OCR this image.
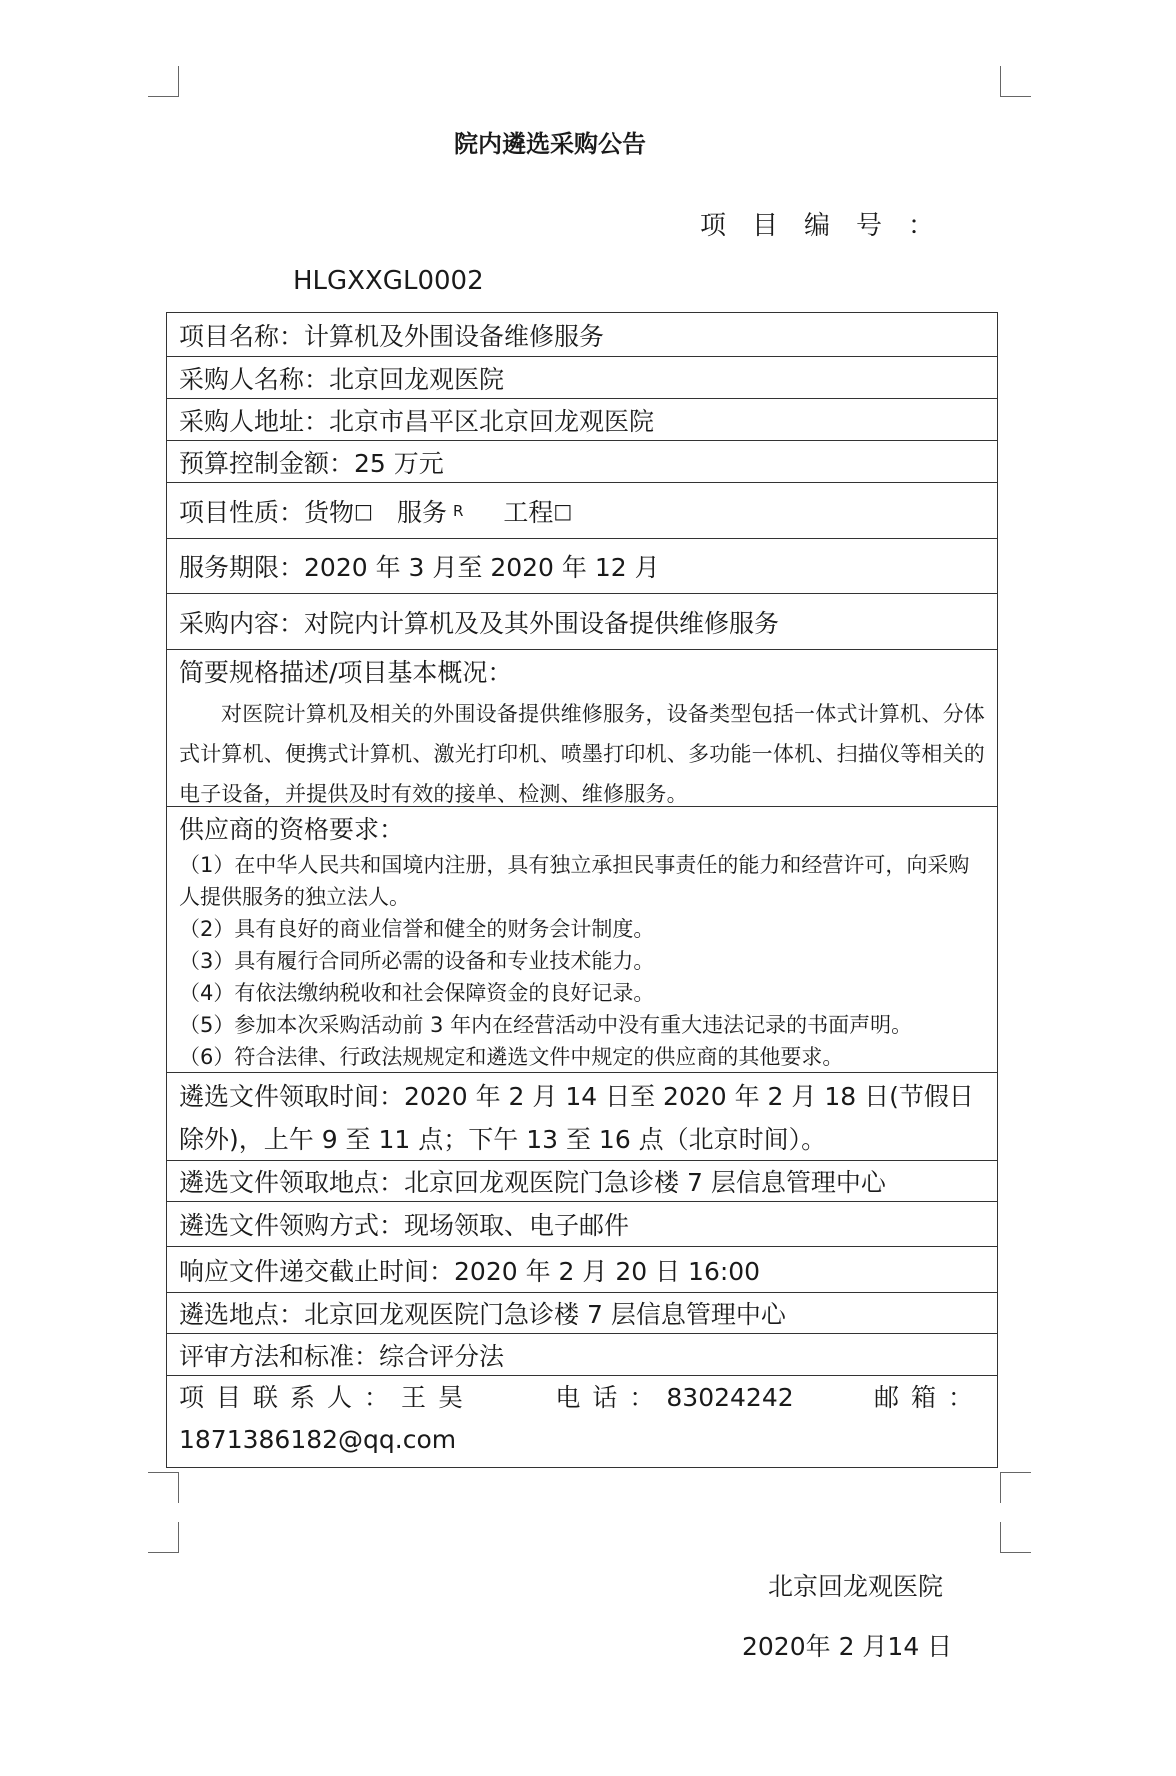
院内遴选采购公告
项目编号：
HLGXXGL0002
项目名称： 计算机及外围设备维修服务
采购人名称： 北京回龙观医院
采购人地址： 北京市昌平区北京回龙观医院
预算控制金额： 25 万元
项目性质： 货物 □ 服务 R 工程 □
服务期限： 2020 年 3 月至 2020 年 12 月
采购内容： 对院内计算机及及其外围设备提供维修服务
简要规格描述/项目基本概况：
对医院计算机及相关的外围设备提供维修服务，设备类型包括一体式计算机、分体式计算机、便携式计算机、激光打印机、喷墨打印机、多功能一体机、扫描仪等相关的电子设备，并提供及时有效的接单、检测、维修服务。
供应商的资格要求：
（1）在中华人民共和国境内注册，具有独立承担民事责任的能力和经营许可，向采购人提供服务的独立法人。
（2）具有良好的商业信誉和健全的财务会计制度。
（3）具有履行合同所必需的设备和专业技术能力。
（4）有依法缴纳税收和社会保障资金的良好记录。
（5）参加本次采购活动前 3 年内在经营活动中没有重大违法记录的书面声明。
（6）符合法律、行政法规规定和遴选文件中规定的供应商的其他要求。
遴选文件领取时间：2020 年 2 月 14 日至 2020 年 2 月 18 日(节假日除外)，上午 9 至 11 点；下午 13 至 16 点（北京时间）。
遴选文件领取地点： 北京回龙观医院门急诊楼 7 层信息管理中心
遴选文件领购方式： 现场领取、电子邮件
响应文件递交截止时间： 2020 年 2 月 20 日 16:00
遴选地点： 北京回龙观医院门急诊楼 7 层信息管理中心
评审方法和标准： 综合评分法
项目联系人：王昊	电话：83024242	邮箱：
1871386182@qq.com
北京回龙观医院
2020年 2 月14 日
